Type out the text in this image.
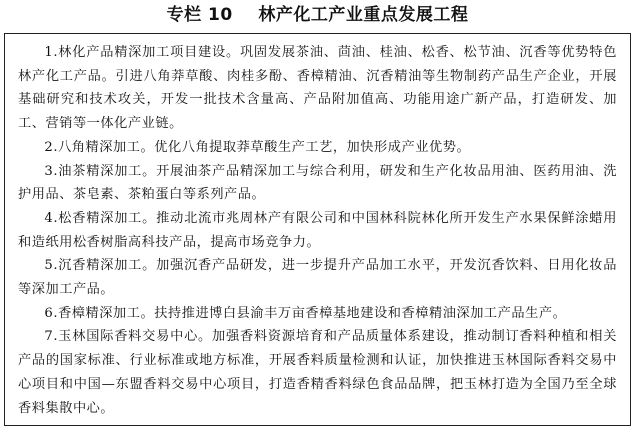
专栏 10    林产化工产业重点发展工程

1.林化产品精深加工项目建设。巩固发展茶油、茴油、桂油、松香、松节油、沉香等优势特色林产化工产品。引进八角莽草酸、肉桂多酚、香樟精油、沉香精油等生物制药产品生产企业，开展基础研究和技术攻关，开发一批技术含量高、产品附加值高、功能用途广新产品，打造研发、加工、营销等一体化产业链。

2.八角精深加工。优化八角提取莽草酸生产工艺，加快形成产业优势。

3.油茶精深加工。开展油茶产品精深加工与综合利用，研发和生产化妆品用油、医药用油、洗护用品、茶皂素、茶粕蛋白等系列产品。

4.松香精深加工。推动北流市兆周林产有限公司和中国林科院林化所开发生产水果保鲜涂蜡用和造纸用松香树脂高科技产品，提高市场竞争力。

5.沉香精深加工。加强沉香产品研发，进一步提升产品加工水平，开发沉香饮料、日用化妆品等深加工产品。

6.香樟精深加工。扶持推进博白县渝丰万亩香樟基地建设和香樟精油深加工产品生产。

7.玉林国际香料交易中心。加强香料资源培育和产品质量体系建设，推动制订香料种植和相关产品的国家标准、行业标准或地方标准，开展香料质量检测和认证，加快推进玉林国际香料交易中心项目和中国—东盟香料交易中心项目，打造香精香料绿色食品品牌，把玉林打造为全国乃至全球香料集散中心。
